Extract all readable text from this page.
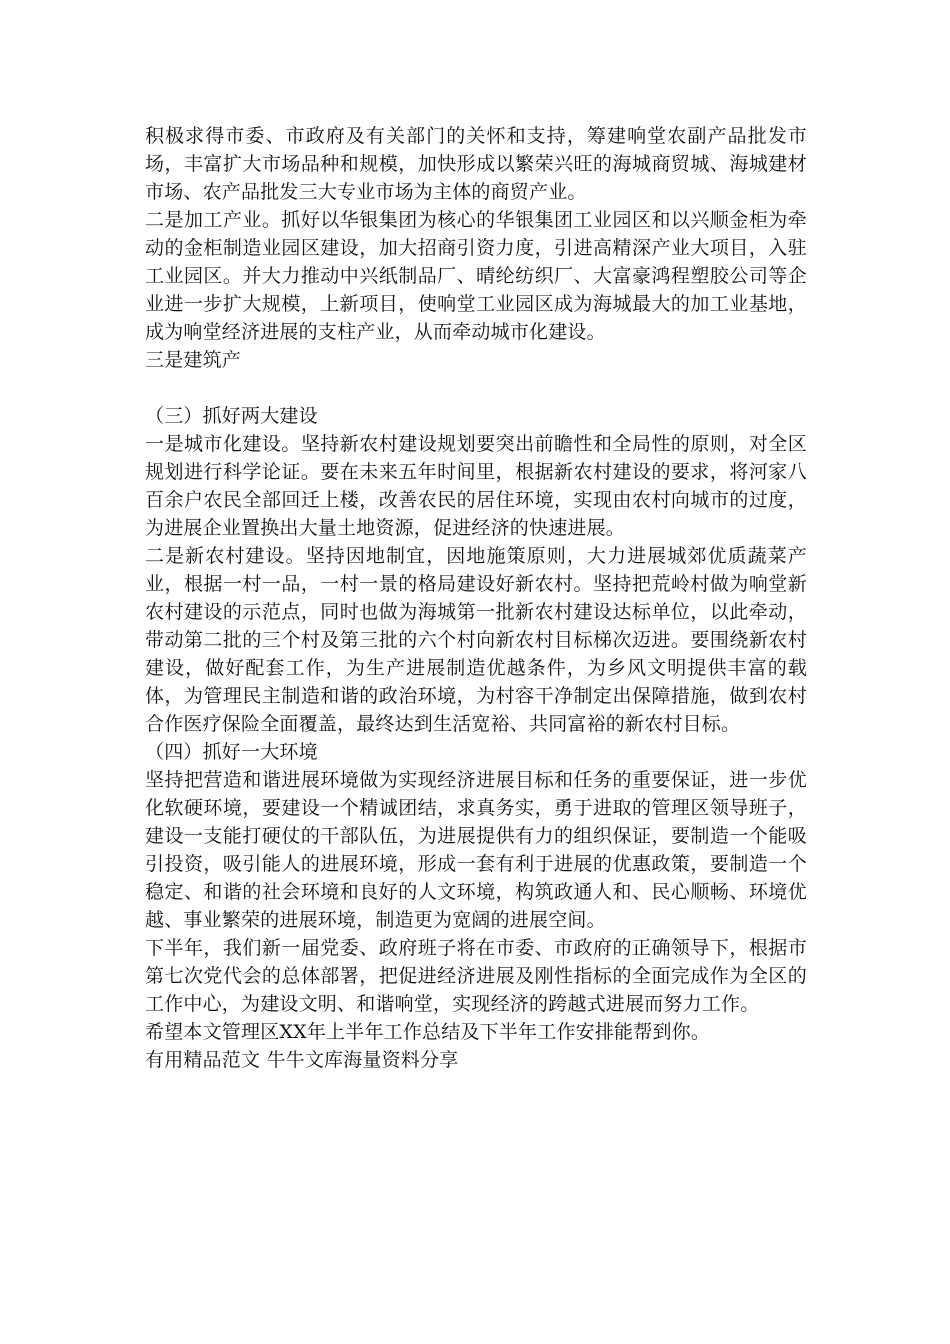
积极求得市委、市政府及有关部门的关怀和支持，筹建响堂农副产品批发市场，丰富扩大市场品种和规模，加快形成以繁荣兴旺的海城商贸城、海城建材市场、农产品批发三大专业市场为主体的商贸产业。

二是加工产业。抓好以华银集团为核心的华银集团工业园区和以兴顺金柜为牵动的金柜制造业园区建设，加大招商引资力度，引进高精深产业大项目，入驻工业园区。并大力推动中兴纸制品厂、晴纶纺织厂、大富豪鸿程塑胶公司等企业进一步扩大规模，上新项目，使响堂工业园区成为海城最大的加工业基地，成为响堂经济进展的支柱产业，从而牵动城市化建设。

三是建筑产

（三）抓好两大建设

一是城市化建设。坚持新农村建设规划要突出前瞻性和全局性的原则，对全区规划进行科学论证。要在未来五年时间里，根据新农村建设的要求，将河家八百余户农民全部回迁上楼，改善农民的居住环境，实现由农村向城市的过度，为进展企业置换出大量土地资源，促进经济的快速进展。

二是新农村建设。坚持因地制宜，因地施策原则，大力进展城郊优质蔬菜产业，根据一村一品，一村一景的格局建设好新农村。坚持把荒岭村做为响堂新农村建设的示范点，同时也做为海城第一批新农村建设达标单位，以此牵动，带动第二批的三个村及第三批的六个村向新农村目标梯次迈进。要围绕新农村建设，做好配套工作，为生产进展制造优越条件，为乡风文明提供丰富的载体，为管理民主制造和谐的政治环境，为村容干净制定出保障措施，做到农村合作医疗保险全面覆盖，最终达到生活宽裕、共同富裕的新农村目标。

（四）抓好一大环境

坚持把营造和谐进展环境做为实现经济进展目标和任务的重要保证，进一步优化软硬环境，要建设一个精诚团结，求真务实，勇于进取的管理区领导班子，建设一支能打硬仗的干部队伍，为进展提供有力的组织保证，要制造一个能吸引投资，吸引能人的进展环境，形成一套有利于进展的优惠政策，要制造一个稳定、和谐的社会环境和良好的人文环境，构筑政通人和、民心顺畅、环境优越、事业繁荣的进展环境，制造更为宽阔的进展空间。

下半年，我们新一届党委、政府班子将在市委、市政府的正确领导下，根据市第七次党代会的总体部署，把促进经济进展及刚性指标的全面完成作为全区的工作中心，为建设文明、和谐响堂，实现经济的跨越式进展而努力工作。

希望本文管理区XX年上半年工作总结及下半年工作安排能帮到你。

有用精品范文 牛牛文库海量资料分享
